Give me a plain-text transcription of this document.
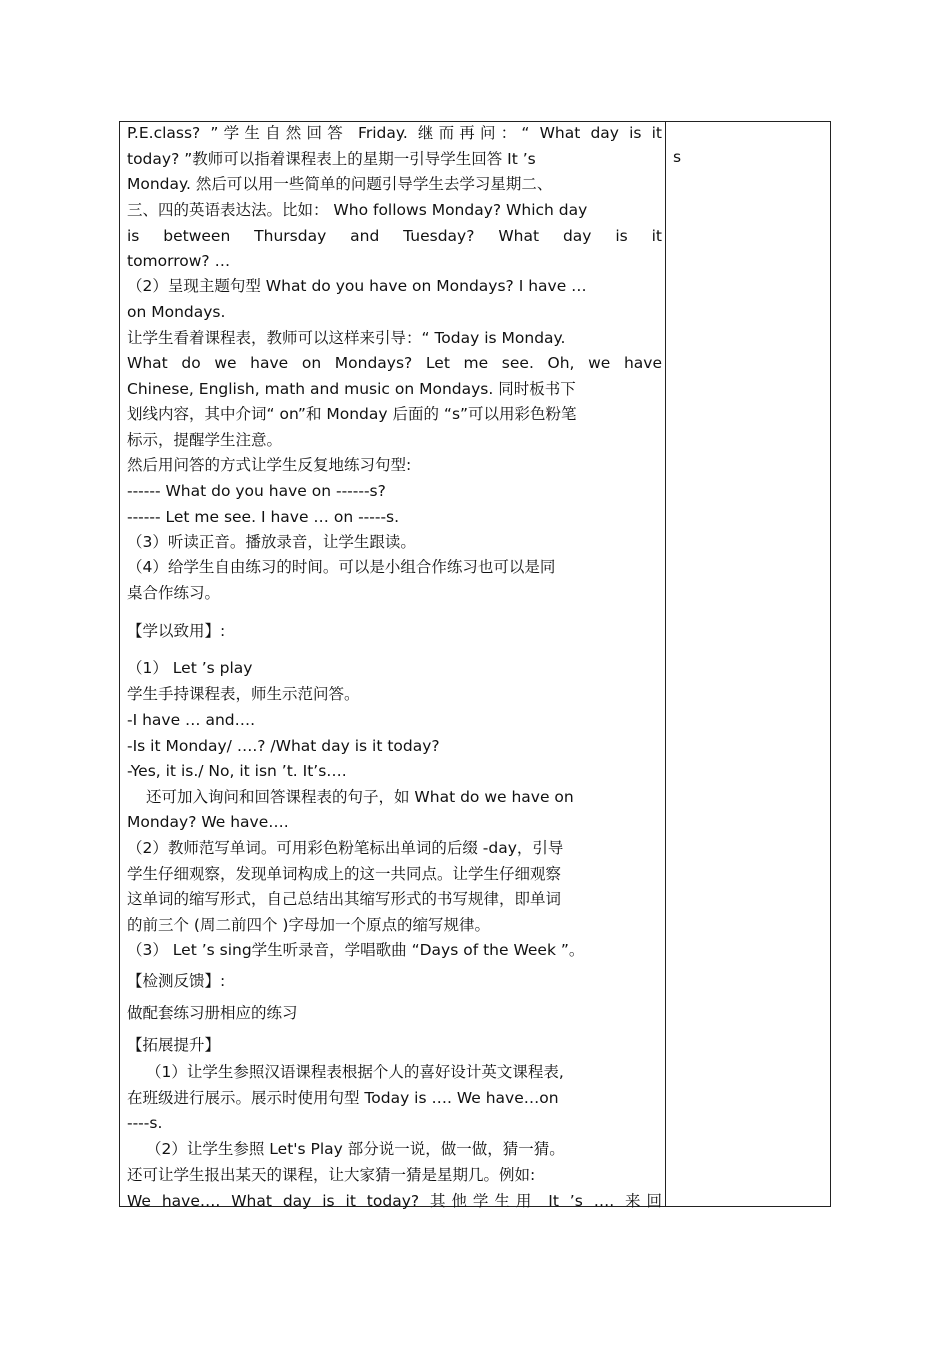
P.E.class? ”学生自然回答 Friday. 继而再问：“ What day is it
today? ”教师可以指着课程表上的星期一引导学生回答 It ’s
Monday. 然后可以用一些简单的问题引导学生去学习星期二、
三、四的英语表达法。比如： Who follows Monday? Which day
is between Thursday and Tuesday? What day is it
tomorrow? …
（2）呈现主题句型 What do you have on Mondays? I have …
on Mondays.
让学生看着课程表，教师可以这样来引导：“ Today is Monday.
What do we have on Mondays? Let me see. Oh, we have
Chinese, English, math and music on Mondays. 同时板书下
划线内容，其中介词“ on”和 Monday 后面的 “s”可以用彩色粉笔
标示，提醒学生注意。
然后用问答的方式让学生反复地练习句型:
------ What do you have on ------s?
------ Let me see. I have … on -----s.
（3）听读正音。播放录音，让学生跟读。
（4）给学生自由练习的时间。可以是小组合作练习也可以是同
桌合作练习。
【学以致用】:
（1） Let ’s play
学生手持课程表，师生示范问答。
-I have … and….
-Is it Monday/ ….? /What day is it today?
-Yes, it is./ No, it isn ’t. It’s….
还可加入询问和回答课程表的句子，如 What do we have on
Monday? We have….
（2）教师范写单词。可用彩色粉笔标出单词的后缀 -day，引导
学生仔细观察，发现单词构成上的这一共同点。让学生仔细观察
这单词的缩写形式，自己总结出其缩写形式的书写规律，即单词
的前三个 (周二前四个 )字母加一个原点的缩写规律。
（3） Let ’s sing学生听录音，学唱歌曲 “Days of the Week ”。
【检测反馈】:
做配套练习册相应的练习
【拓展提升】
（1）让学生参照汉语课程表根据个人的喜好设计英文课程表,
在班级进行展示。展示时使用句型 Today is …. We have…on
----s.
（2）让学生参照 Let's Play 部分说一说，做一做，猜一猜。
还可让学生报出某天的课程，让大家猜一猜是星期几。例如:
We have…. What day is it today? 其他学生用 It ’s …. 来回
s
